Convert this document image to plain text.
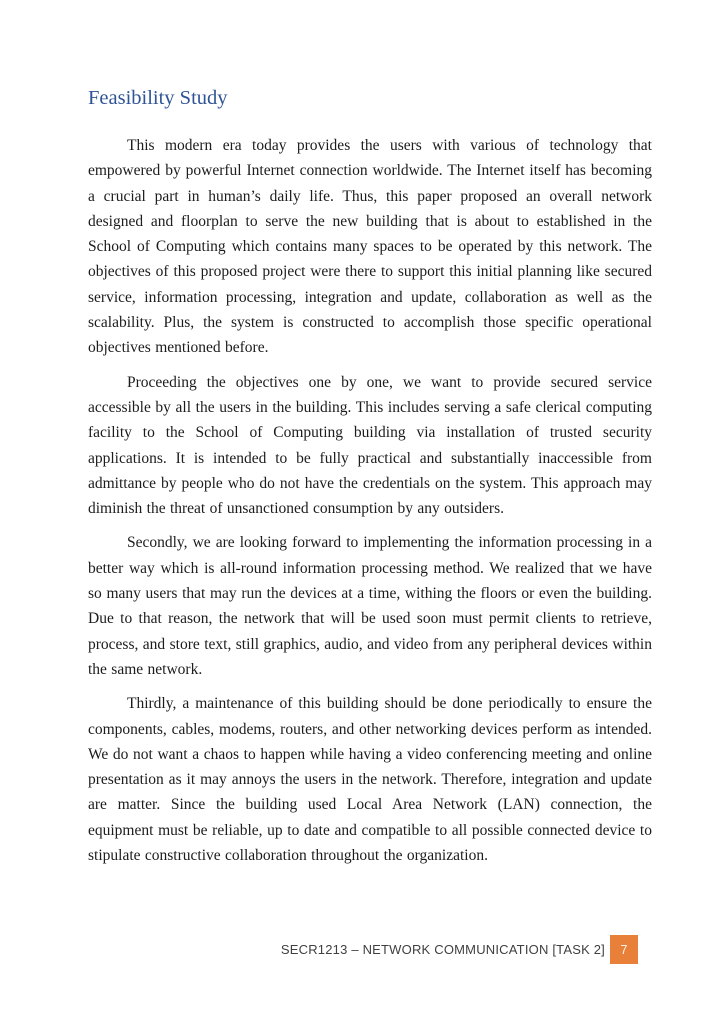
Feasibility Study

This modern era today provides the users with various of technology that empowered by powerful Internet connection worldwide. The Internet itself has becoming a crucial part in human’s daily life. Thus, this paper proposed an overall network designed and floorplan to serve the new building that is about to established in the School of Computing which contains many spaces to be operated by this network. The objectives of this proposed project were there to support this initial planning like secured service, information processing, integration and update, collaboration as well as the scalability. Plus, the system is constructed to accomplish those specific operational objectives mentioned before.

Proceeding the objectives one by one, we want to provide secured service accessible by all the users in the building. This includes serving a safe clerical computing facility to the School of Computing building via installation of trusted security applications. It is intended to be fully practical and substantially inaccessible from admittance by people who do not have the credentials on the system. This approach may diminish the threat of unsanctioned consumption by any outsiders.

Secondly, we are looking forward to implementing the information processing in a better way which is all-round information processing method. We realized that we have so many users that may run the devices at a time, withing the floors or even the building. Due to that reason, the network that will be used soon must permit clients to retrieve, process, and store text, still graphics, audio, and video from any peripheral devices within the same network.

Thirdly, a maintenance of this building should be done periodically to ensure the components, cables, modems, routers, and other networking devices perform as intended. We do not want a chaos to happen while having a video conferencing meeting and online presentation as it may annoys the users in the network. Therefore, integration and update are matter. Since the building used Local Area Network (LAN) connection, the equipment must be reliable, up to date and compatible to all possible connected device to stipulate constructive collaboration throughout the organization.

SECR1213 – NETWORK COMMUNICATION [TASK 2] 7
